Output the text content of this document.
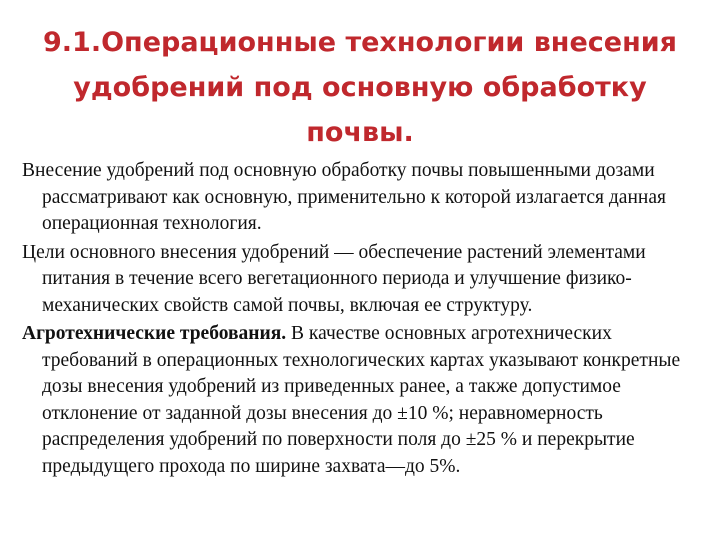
9.1.Операционные технологии внесения удобрений под основную обработку почвы.

Внесение удобрений под основную обработку почвы повышенными дозами рассматривают как основную, применительно к которой излагается данная операционная технология.

Цели основного внесения удобрений — обеспечение растений элементами питания в течение всего вегетационного периода и улучшение физико-механических свойств самой почвы, включая ее структуру.

Агротехнические требования. В качестве основных агротехнических требований в операционных технологических картах указывают конкретные дозы внесения удобрений из приведенных ранее, а также допустимое отклонение от заданной дозы внесения до ±10 %; неравномерность распределения удобрений по поверхности поля до ±25 % и перекрытие предыдущего прохода по ширине захвата—до 5%.
